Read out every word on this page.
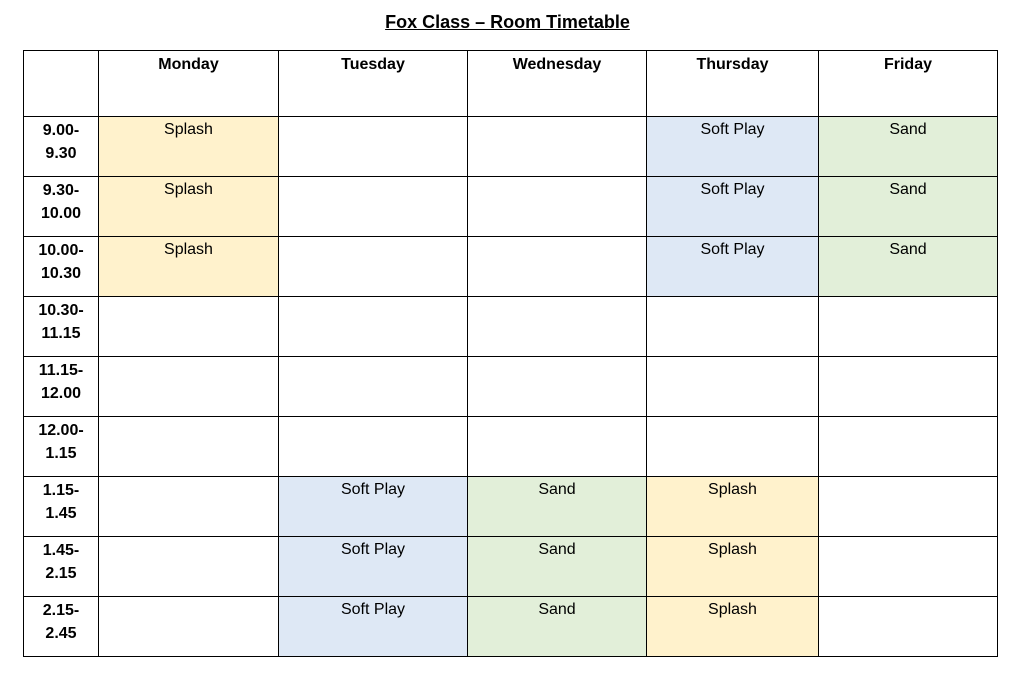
Fox Class – Room Timetable
	Monday	Tuesday	Wednesday	Thursday	Friday

9.00-
9.30	Splash			Soft Play	Sand

9.30-
10.00	Splash			Soft Play	Sand

10.00-
10.30	Splash			Soft Play	Sand

10.30-
11.15					

11.15-
12.00					

12.00-
1.15					

1.15-
1.45		Soft Play	Sand	Splash	

1.45-
2.15		Soft Play	Sand	Splash	

2.15-
2.45		Soft Play	Sand	Splash	
